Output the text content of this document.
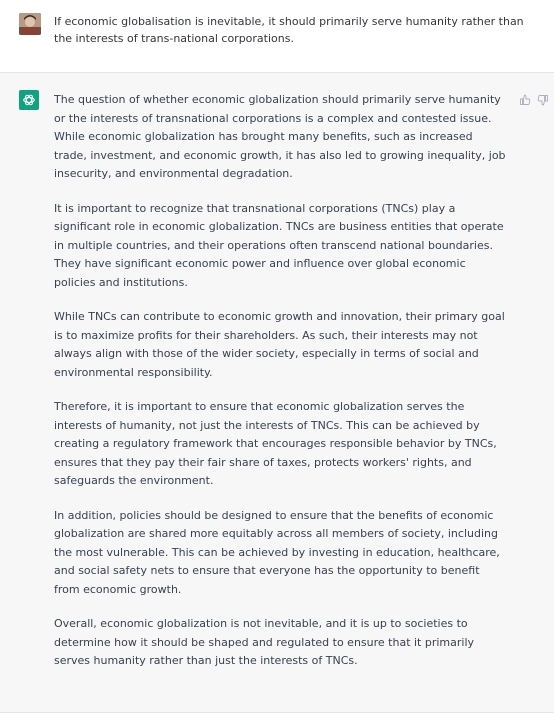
If economic globalisation is inevitable, it should primarily serve humanity rather than the interests of trans-national corporations.

The question of whether economic globalization should primarily serve humanity or the interests of transnational corporations is a complex and contested issue. While economic globalization has brought many benefits, such as increased trade, investment, and economic growth, it has also led to growing inequality, job insecurity, and environmental degradation.

It is important to recognize that transnational corporations (TNCs) play a significant role in economic globalization. TNCs are business entities that operate in multiple countries, and their operations often transcend national boundaries. They have significant economic power and influence over global economic policies and institutions.

While TNCs can contribute to economic growth and innovation, their primary goal is to maximize profits for their shareholders. As such, their interests may not always align with those of the wider society, especially in terms of social and environmental responsibility.

Therefore, it is important to ensure that economic globalization serves the interests of humanity, not just the interests of TNCs. This can be achieved by creating a regulatory framework that encourages responsible behavior by TNCs, ensures that they pay their fair share of taxes, protects workers' rights, and safeguards the environment.

In addition, policies should be designed to ensure that the benefits of economic globalization are shared more equitably across all members of society, including the most vulnerable. This can be achieved by investing in education, healthcare, and social safety nets to ensure that everyone has the opportunity to benefit from economic growth.

Overall, economic globalization is not inevitable, and it is up to societies to determine how it should be shaped and regulated to ensure that it primarily serves humanity rather than just the interests of TNCs.
